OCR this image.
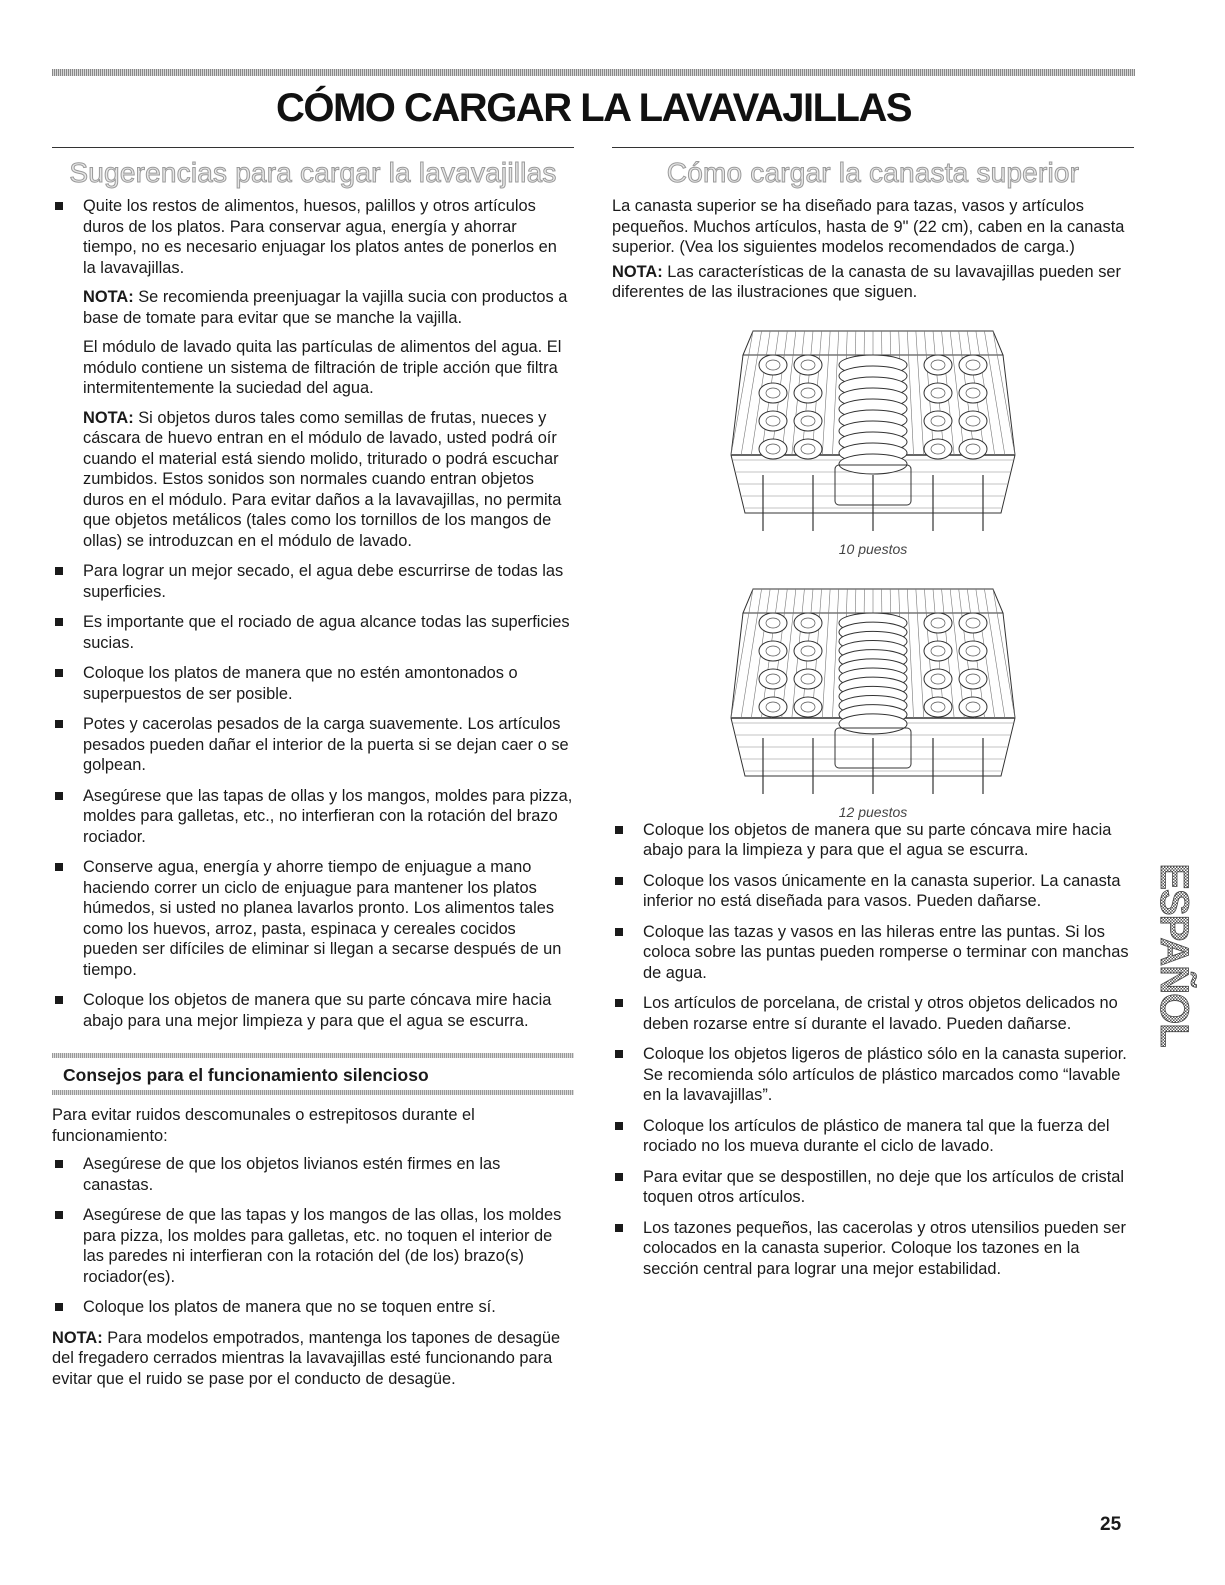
CÓMO CARGAR LA LAVAVAJILLAS
Sugerencias para cargar la lavavajillas

Quite los restos de alimentos, huesos, palillos y otros artículos duros de los platos. Para conservar agua, energía y ahorrar tiempo, no es necesario enjuagar los platos antes de ponerlos en la lavavajillas.

NOTA: Se recomienda preenjuagar la vajilla sucia con productos a base de tomate para evitar que se manche la vajilla.

El módulo de lavado quita las partículas de alimentos del agua. El módulo contiene un sistema de filtración de triple acción que filtra intermitentemente la suciedad del agua.

NOTA: Si objetos duros tales como semillas de frutas, nueces y cáscara de huevo entran en el módulo de lavado, usted podrá oír cuando el material está siendo molido, triturado o podrá escuchar zumbidos. Estos sonidos son normales cuando entran objetos duros en el módulo. Para evitar daños a la lavavajillas, no permita que objetos metálicos (tales como los tornillos de los mangos de ollas) se introduzcan en el módulo de lavado.

Para lograr un mejor secado, el agua debe escurrirse de todas las superficies.

Es importante que el rociado de agua alcance todas las superficies sucias.

Coloque los platos de manera que no estén amontonados o superpuestos de ser posible.

Potes y cacerolas pesados de la carga suavemente. Los artículos pesados pueden dañar el interior de la puerta si se dejan caer o se golpean.

Asegúrese que las tapas de ollas y los mangos, moldes para pizza, moldes para galletas, etc., no interfieran con la rotación del brazo rociador.

Conserve agua, energía y ahorre tiempo de enjuague a mano haciendo correr un ciclo de enjuague para mantener los platos húmedos, si usted no planea lavarlos pronto. Los alimentos tales como los huevos, arroz, pasta, espinaca y cereales cocidos pueden ser difíciles de eliminar si llegan a secarse después de un tiempo.

Coloque los objetos de manera que su parte cóncava mire hacia abajo para una mejor limpieza y para que el agua se escurra.

Consejos para el funcionamiento silencioso

Para evitar ruidos descomunales o estrepitosos durante el funcionamiento:

Asegúrese de que los objetos livianos estén firmes en las canastas.

Asegúrese de que las tapas y los mangos de las ollas, los moldes para pizza, los moldes para galletas, etc. no toquen el interior de las paredes ni interfieran con la rotación del (de los) brazo(s) rociador(es).

Coloque los platos de manera que no se toquen entre sí.

NOTA: Para modelos empotrados, mantenga los tapones de desagüe del fregadero cerrados mientras la lavavajillas esté funcionando para evitar que el ruido se pase por el conducto de desagüe.

Cómo cargar la canasta superior

La canasta superior se ha diseñado para tazas, vasos y artículos pequeños. Muchos artículos, hasta de 9" (22 cm), caben en la canasta superior. (Vea los siguientes modelos recomendados de carga.)

NOTA: Las características de la canasta de su lavavajillas pueden ser diferentes de las ilustraciones que siguen.

10 puestos
12 puestos

Coloque los objetos de manera que su parte cóncava mire hacia abajo para la limpieza y para que el agua se escurra.

Coloque los vasos únicamente en la canasta superior. La canasta inferior no está diseñada para vasos. Pueden dañarse.

Coloque las tazas y vasos en las hileras entre las puntas. Si los coloca sobre las puntas pueden romperse o terminar con manchas de agua.

Los artículos de porcelana, de cristal y otros objetos delicados no deben rozarse entre sí durante el lavado. Pueden dañarse.

Coloque los objetos ligeros de plástico sólo en la canasta superior. Se recomienda sólo artículos de plástico marcados como “lavable en la lavavajillas”.

Coloque los artículos de plástico de manera tal que la fuerza del rociado no los mueva durante el ciclo de lavado.

Para evitar que se despostillen, no deje que los artículos de cristal toquen otros artículos.

Los tazones pequeños, las cacerolas y otros utensilios pueden ser colocados en la canasta superior. Coloque los tazones en la sección central para lograr una mejor estabilidad.

ESPAÑOL
25
